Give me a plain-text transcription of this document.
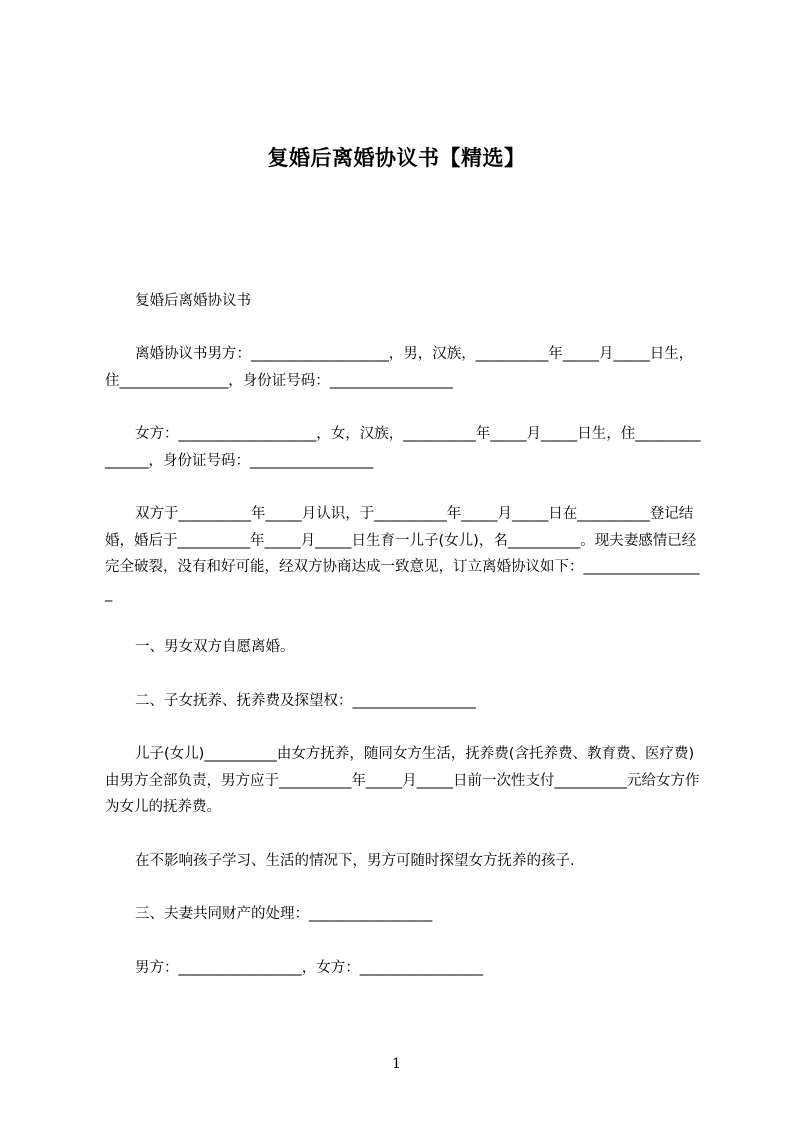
复婚后离婚协议书【精选】
复婚后离婚协议书
离婚协议书男方：___________________，男，汉族，__________年_____月_____日生，住_______________，身份证号码：_________________
女方：___________________，女，汉族，__________年_____月_____日生，住_______________，身份证号码：_________________
双方于__________年_____月认识，于__________年_____月_____日在__________登记结婚，婚后于__________年_____月_____日生育一儿子(女儿)，名__________。现夫妻感情已经完全破裂，没有和好可能，经双方协商达成一致意见，订立离婚协议如下：_________________
一、男女双方自愿离婚。
二、子女抚养、抚养费及探望权：_________________
儿子(女儿)__________由女方抚养，随同女方生活，抚养费(含托养费、教育费、医疗费)由男方全部负责，男方应于__________年_____月_____日前一次性支付__________元给女方作为女儿的抚养费。
在不影响孩子学习、生活的情况下，男方可随时探望女方抚养的孩子.
三、夫妻共同财产的处理：_________________
男方：_________________，女方：_________________
1
